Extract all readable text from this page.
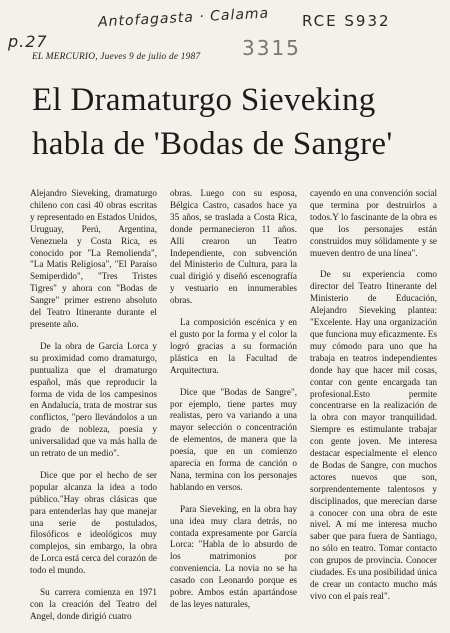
p.27
Antofagasta · Calama RCE S932
3315
EL MERCURIO, Jueves 9 de julio de 1987
El Dramaturgo Sieveking
habla de 'Bodas de Sangre'

Alejandro Sieveking, dramaturgo chileno con casi 40 obras escritas y representado en Estados Unidos, Uruguay, Perú, Argentina, Venezuela y Costa Rica, es conocido por "La Remolienda", "La Matis Religiosa", "El Paraíso Semiperdido", "Tres Tristes Tigres" y ahora con "Bodas de Sangre" primer estreno absoluto del Teatro Itinerante durante el presente año.

De la obra de García Lorca y su proximidad como dramaturgo, puntualiza que el dramaturgo español, más que reproducir la forma de vida de los campesinos en Andalucía, trata de mostrar sus conflictos, "pero llevándolos a un grado de nobleza, poesía y universalidad que va más halla de un retrato de un medio".

Dice que por el hecho de ser popular alcanza la idea a todo público."Hay obras clásicas que para entenderlas hay que manejar una serie de postulados, filosóficos e ideológicos muy complejos, sin embargo, la obra de Lorca está cerca del corazón de todo el mundo.

Su carrera comienza en 1971 con la creación del Teatro del Angel, donde dirigió cuatro

obras. Luego con su esposa, Bélgica Castro, casados hace ya 35 años, se traslada a Costa Rica, donde permanecieron 11 años. Allí crearon un Teatro Independiente, con subvención del Ministerio de Cultura, para la cual dirigió y diseñó escenografía y vestuario en innumerables obras.

La composición escénica y en el gusto por la forma y el color la logró gracias a su formación plástica en la Facultad de Arquitectura.

Dice que "Bodas de Sangre", por ejemplo, tiene partes muy realistas, pero va variando a una mayor selección o concentración de elementos, de manera que la poesía, que en un comienzo aparecía en forma de canción o Nana, termina con los personajes hablando en versos.

Para Sieveking, en la obra hay una idea muy clara detrás, no contada expresamente por García Lorca: "Habla de lo absurdo de los matrimonios por conveniencia. La novia no se ha casado con Leonardo porque es pobre. Ambos están apartándose de las leyes naturales,

cayendo en una convención social que termina por destruirlos a todos.Y lo fascinante de la obra es que los personajes están construidos muy sólidamente y se mueven dentro de una línea".

De su experiencia como director del Teatro Itinerante del Ministerio de Educación, Alejandro Sieveking plantea: "Excelente. Hay una organización que funciona muy eficazmente. Es muy cómodo para uno que ha trabaja en teatros independientes donde hay que hacer mil cosas, contar con gente encargada tan profesional.Esto permite concentrarse en la realización de la obra con mayor tranquilidad. Siempre es estimulante trabajar con gente joven. Me interesa destacar especialmente el elenco de Bodas de Sangre, con muchos actores nuevos que son, sorprendentemente talentosos y disciplinados, que merecían darse a conocer con una obra de este nivel. A mí me interesa mucho saber que para fuera de Santiago, no sólo en teatro. Tomar contacto con grupos de provincia. Conocer ciudades. Es una posibilidad única de crear un contacto mucho más vivo con el país real".
